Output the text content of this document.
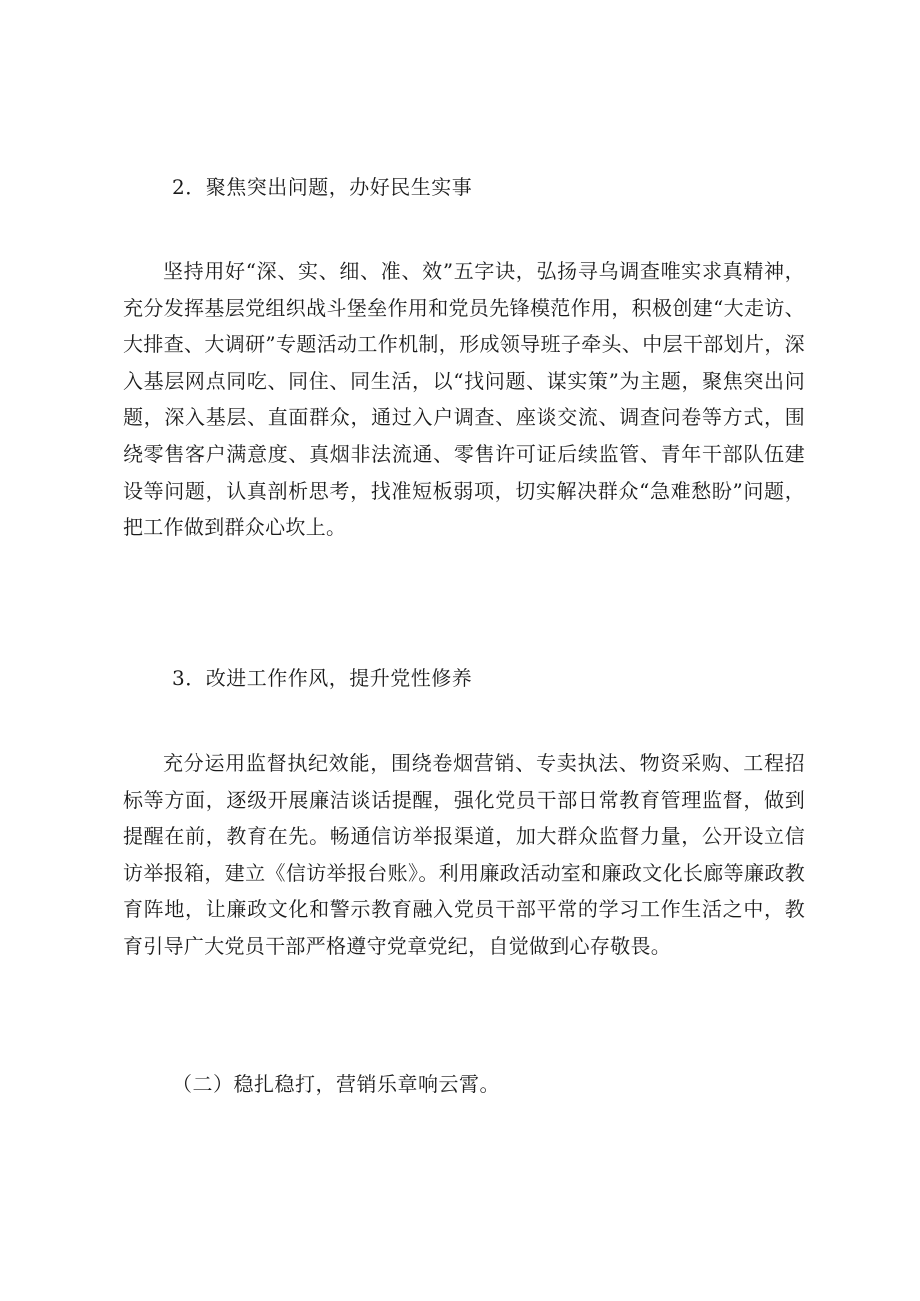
2．聚焦突出问题，办好民生实事

坚持用好“深、实、细、准、效”五字诀，弘扬寻乌调查唯实求真精神，充分发挥基层党组织战斗堡垒作用和党员先锋模范作用，积极创建“大走访、大排查、大调研”专题活动工作机制，形成领导班子牵头、中层干部划片，深入基层网点同吃、同住、同生活，以“找问题、谋实策”为主题，聚焦突出问题，深入基层、直面群众，通过入户调查、座谈交流、调查问卷等方式，围绕零售客户满意度、真烟非法流通、零售许可证后续监管、青年干部队伍建设等问题，认真剖析思考，找准短板弱项，切实解决群众“急难愁盼”问题，把工作做到群众心坎上。

3．改进工作作风，提升党性修养

充分运用监督执纪效能，围绕卷烟营销、专卖执法、物资采购、工程招标等方面，逐级开展廉洁谈话提醒，强化党员干部日常教育管理监督，做到提醒在前，教育在先。畅通信访举报渠道，加大群众监督力量，公开设立信访举报箱，建立《信访举报台账》。利用廉政活动室和廉政文化长廊等廉政教育阵地，让廉政文化和警示教育融入党员干部平常的学习工作生活之中，教育引导广大党员干部严格遵守党章党纪，自觉做到心存敬畏。

（二）稳扎稳打，营销乐章响云霄。
